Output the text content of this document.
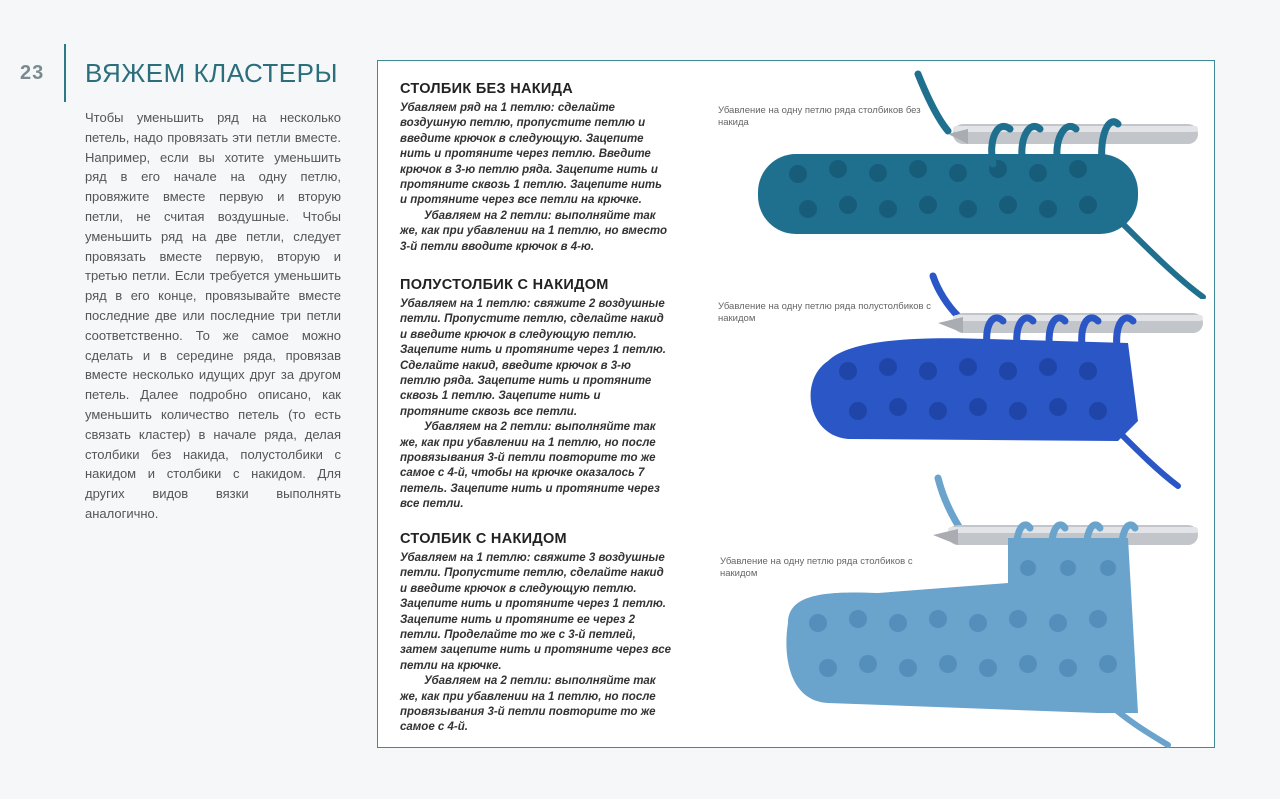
23 ВЯЖЕМ КЛАСТЕРЫ

Чтобы уменьшить ряд на несколько петель, надо провязать эти петли вместе. Например, если вы хотите уменьшить ряд в его начале на одну петлю, провяжите вместе первую и вторую петли, не считая воздушные. Чтобы уменьшить ряд на две петли, следует провязать вместе первую, вторую и третью петли. Если требуется уменьшить ряд в его конце, провязывайте вместе последние две или последние три петли соответственно. То же самое можно сделать и в середине ряда, провязав вместе несколько идущих друг за другом петель. Далее подробно описано, как уменьшить количество петель (то есть связать кластер) в начале ряда, делая столбики без накида, полустолбики с накидом и столбики с накидом. Для других видов вязки выполнять аналогично.

СТОЛБИК БЕЗ НАКИДА

Убавляем ряд на 1 петлю: сделайте воздушную петлю, пропустите петлю и введите крючок в следующую. Зацепите нить и протяните через петлю. Введите крючок в 3-ю петлю ряда. Зацепите нить и протяните сквозь 1 петлю. Зацепите нить и протяните через все петли на крючке.

Убавляем на 2 петли: выполняйте так же, как при убавлении на 1 петлю, но вместо 3-й петли вводите крючок в 4-ю.

ПОЛУСТОЛБИК С НАКИДОМ

Убавляем на 1 петлю: свяжите 2 воздушные петли. Пропустите петлю, сделайте накид и введите крючок в следующую петлю. Зацепите нить и протяните через 1 петлю. Сделайте накид, введите крючок в 3-ю петлю ряда. Зацепите нить и протяните сквозь 1 петлю. Зацепите нить и протяните сквозь все петли.

Убавляем на 2 петли: выполняйте так же, как при убавлении на 1 петлю, но после провязывания 3-й петли повторите то же самое с 4-й, чтобы на крючке оказалось 7 петель. Зацепите нить и протяните через все петли.

СТОЛБИК С НАКИДОМ

Убавляем на 1 петлю: свяжите 3 воздушные петли. Пропустите петлю, сделайте накид и введите крючок в следующую петлю. Зацепите нить и протяните через 1 петлю. Зацепите нить и протяните ее через 2 петли. Проделайте то же с 3-й петлей, затем зацепите нить и протяните через все петли на крючке.

Убавляем на 2 петли: выполняйте так же, как при убавлении на 1 петлю, но после провязывания 3-й петли повторите то же самое с 4-й.

Убавление на одну петлю ряда столбиков без накида
Убавление на одну петлю ряда полустолбиков с накидом
Убавление на одну петлю ряда столбиков с накидом
